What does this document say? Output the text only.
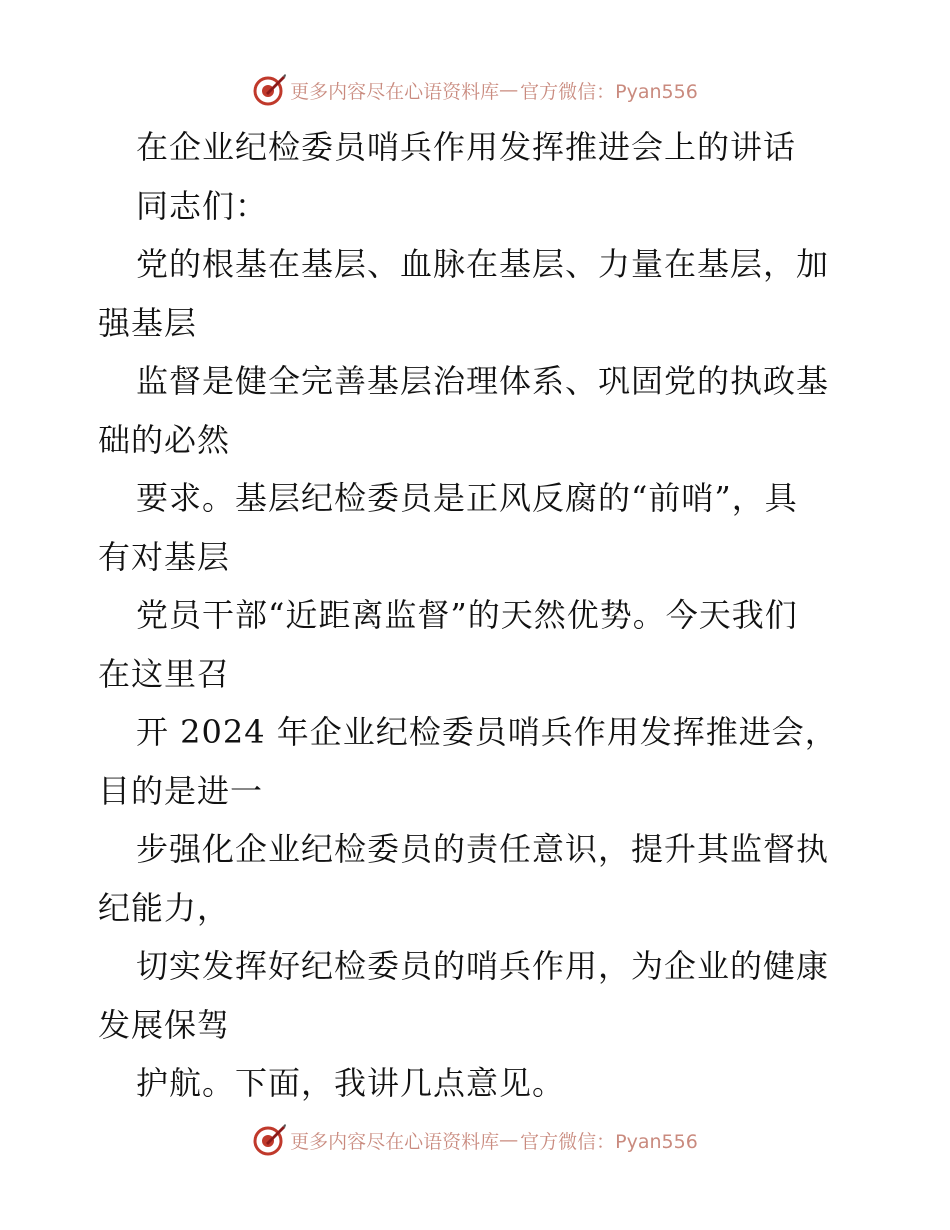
更多内容尽在心语资料库 — 官方微信：Pyan556
在企业纪检委员哨兵作用发挥推进会上的讲话
同志们：
党的根基在基层、血脉在基层、力量在基层，加
强基层
监督是健全完善基层治理体系、巩固党的执政基
础的必然
要求。基层纪检委员是正风反腐的“前哨”，具
有对基层
党员干部“近距离监督”的天然优势。今天我们
在这里召
开 2024 年企业纪检委员哨兵作用发挥推进会，
目的是进一
步强化企业纪检委员的责任意识，提升其监督执
纪能力，
切实发挥好纪检委员的哨兵作用，为企业的健康
发展保驾
护航。下面，我讲几点意见。
更多内容尽在心语资料库 — 官方微信：Pyan556
